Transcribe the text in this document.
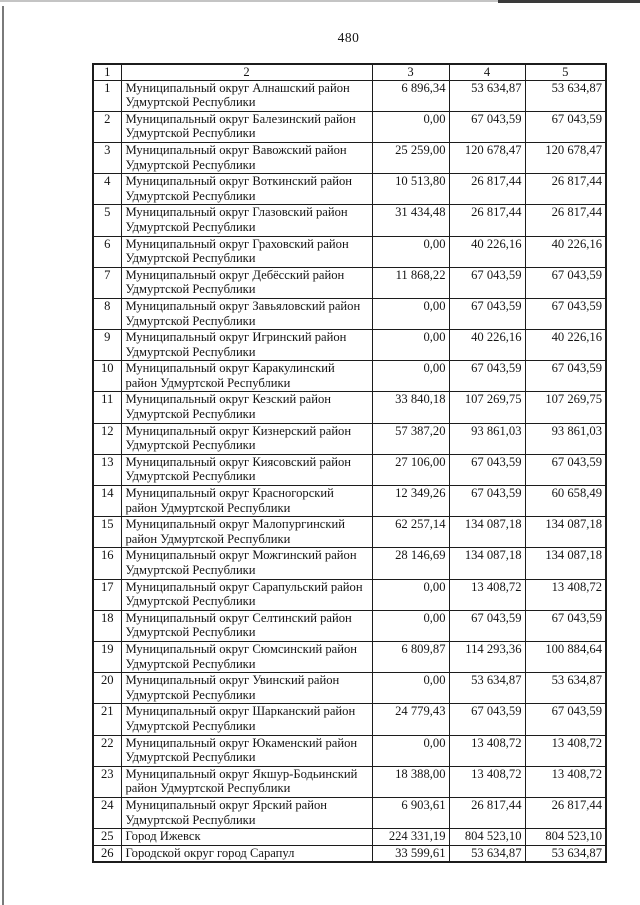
480
1	2	3	4	5
1	Муниципальный округ Алнашский район Удмуртской Республики	6 896,34	53 634,87	53 634,87
2	Муниципальный округ Балезинский район Удмуртской Республики	0,00	67 043,59	67 043,59
3	Муниципальный округ Вавожский район Удмуртской Республики	25 259,00	120 678,47	120 678,47
4	Муниципальный округ Воткинский район Удмуртской Республики	10 513,80	26 817,44	26 817,44
5	Муниципальный округ Глазовский район Удмуртской Республики	31 434,48	26 817,44	26 817,44
6	Муниципальный округ Граховский район Удмуртской Республики	0,00	40 226,16	40 226,16
7	Муниципальный округ Дебёсский район Удмуртской Республики	11 868,22	67 043,59	67 043,59
8	Муниципальный округ Завьяловский район Удмуртской Республики	0,00	67 043,59	67 043,59
9	Муниципальный округ Игринский район Удмуртской Республики	0,00	40 226,16	40 226,16
10	Муниципальный округ Каракулинский район Удмуртской Республики	0,00	67 043,59	67 043,59
11	Муниципальный округ Кезский район Удмуртской Республики	33 840,18	107 269,75	107 269,75
12	Муниципальный округ Кизнерский район Удмуртской Республики	57 387,20	93 861,03	93 861,03
13	Муниципальный округ Киясовский район Удмуртской Республики	27 106,00	67 043,59	67 043,59
14	Муниципальный округ Красногорский район Удмуртской Республики	12 349,26	67 043,59	60 658,49
15	Муниципальный округ Малопургинский район Удмуртской Республики	62 257,14	134 087,18	134 087,18
16	Муниципальный округ Можгинский район Удмуртской Республики	28 146,69	134 087,18	134 087,18
17	Муниципальный округ Сарапульский район Удмуртской Республики	0,00	13 408,72	13 408,72
18	Муниципальный округ Селтинский район Удмуртской Республики	0,00	67 043,59	67 043,59
19	Муниципальный округ Сюмсинский район Удмуртской Республики	6 809,87	114 293,36	100 884,64
20	Муниципальный округ Увинский район Удмуртской Республики	0,00	53 634,87	53 634,87
21	Муниципальный округ Шарканский район Удмуртской Республики	24 779,43	67 043,59	67 043,59
22	Муниципальный округ Юкаменский район Удмуртской Республики	0,00	13 408,72	13 408,72
23	Муниципальный округ Якшур-Бодьинский район Удмуртской Республики	18 388,00	13 408,72	13 408,72
24	Муниципальный округ Ярский район Удмуртской Республики	6 903,61	26 817,44	26 817,44
25	Город Ижевск	224 331,19	804 523,10	804 523,10
26	Городской округ город Сарапул	33 599,61	53 634,87	53 634,87
